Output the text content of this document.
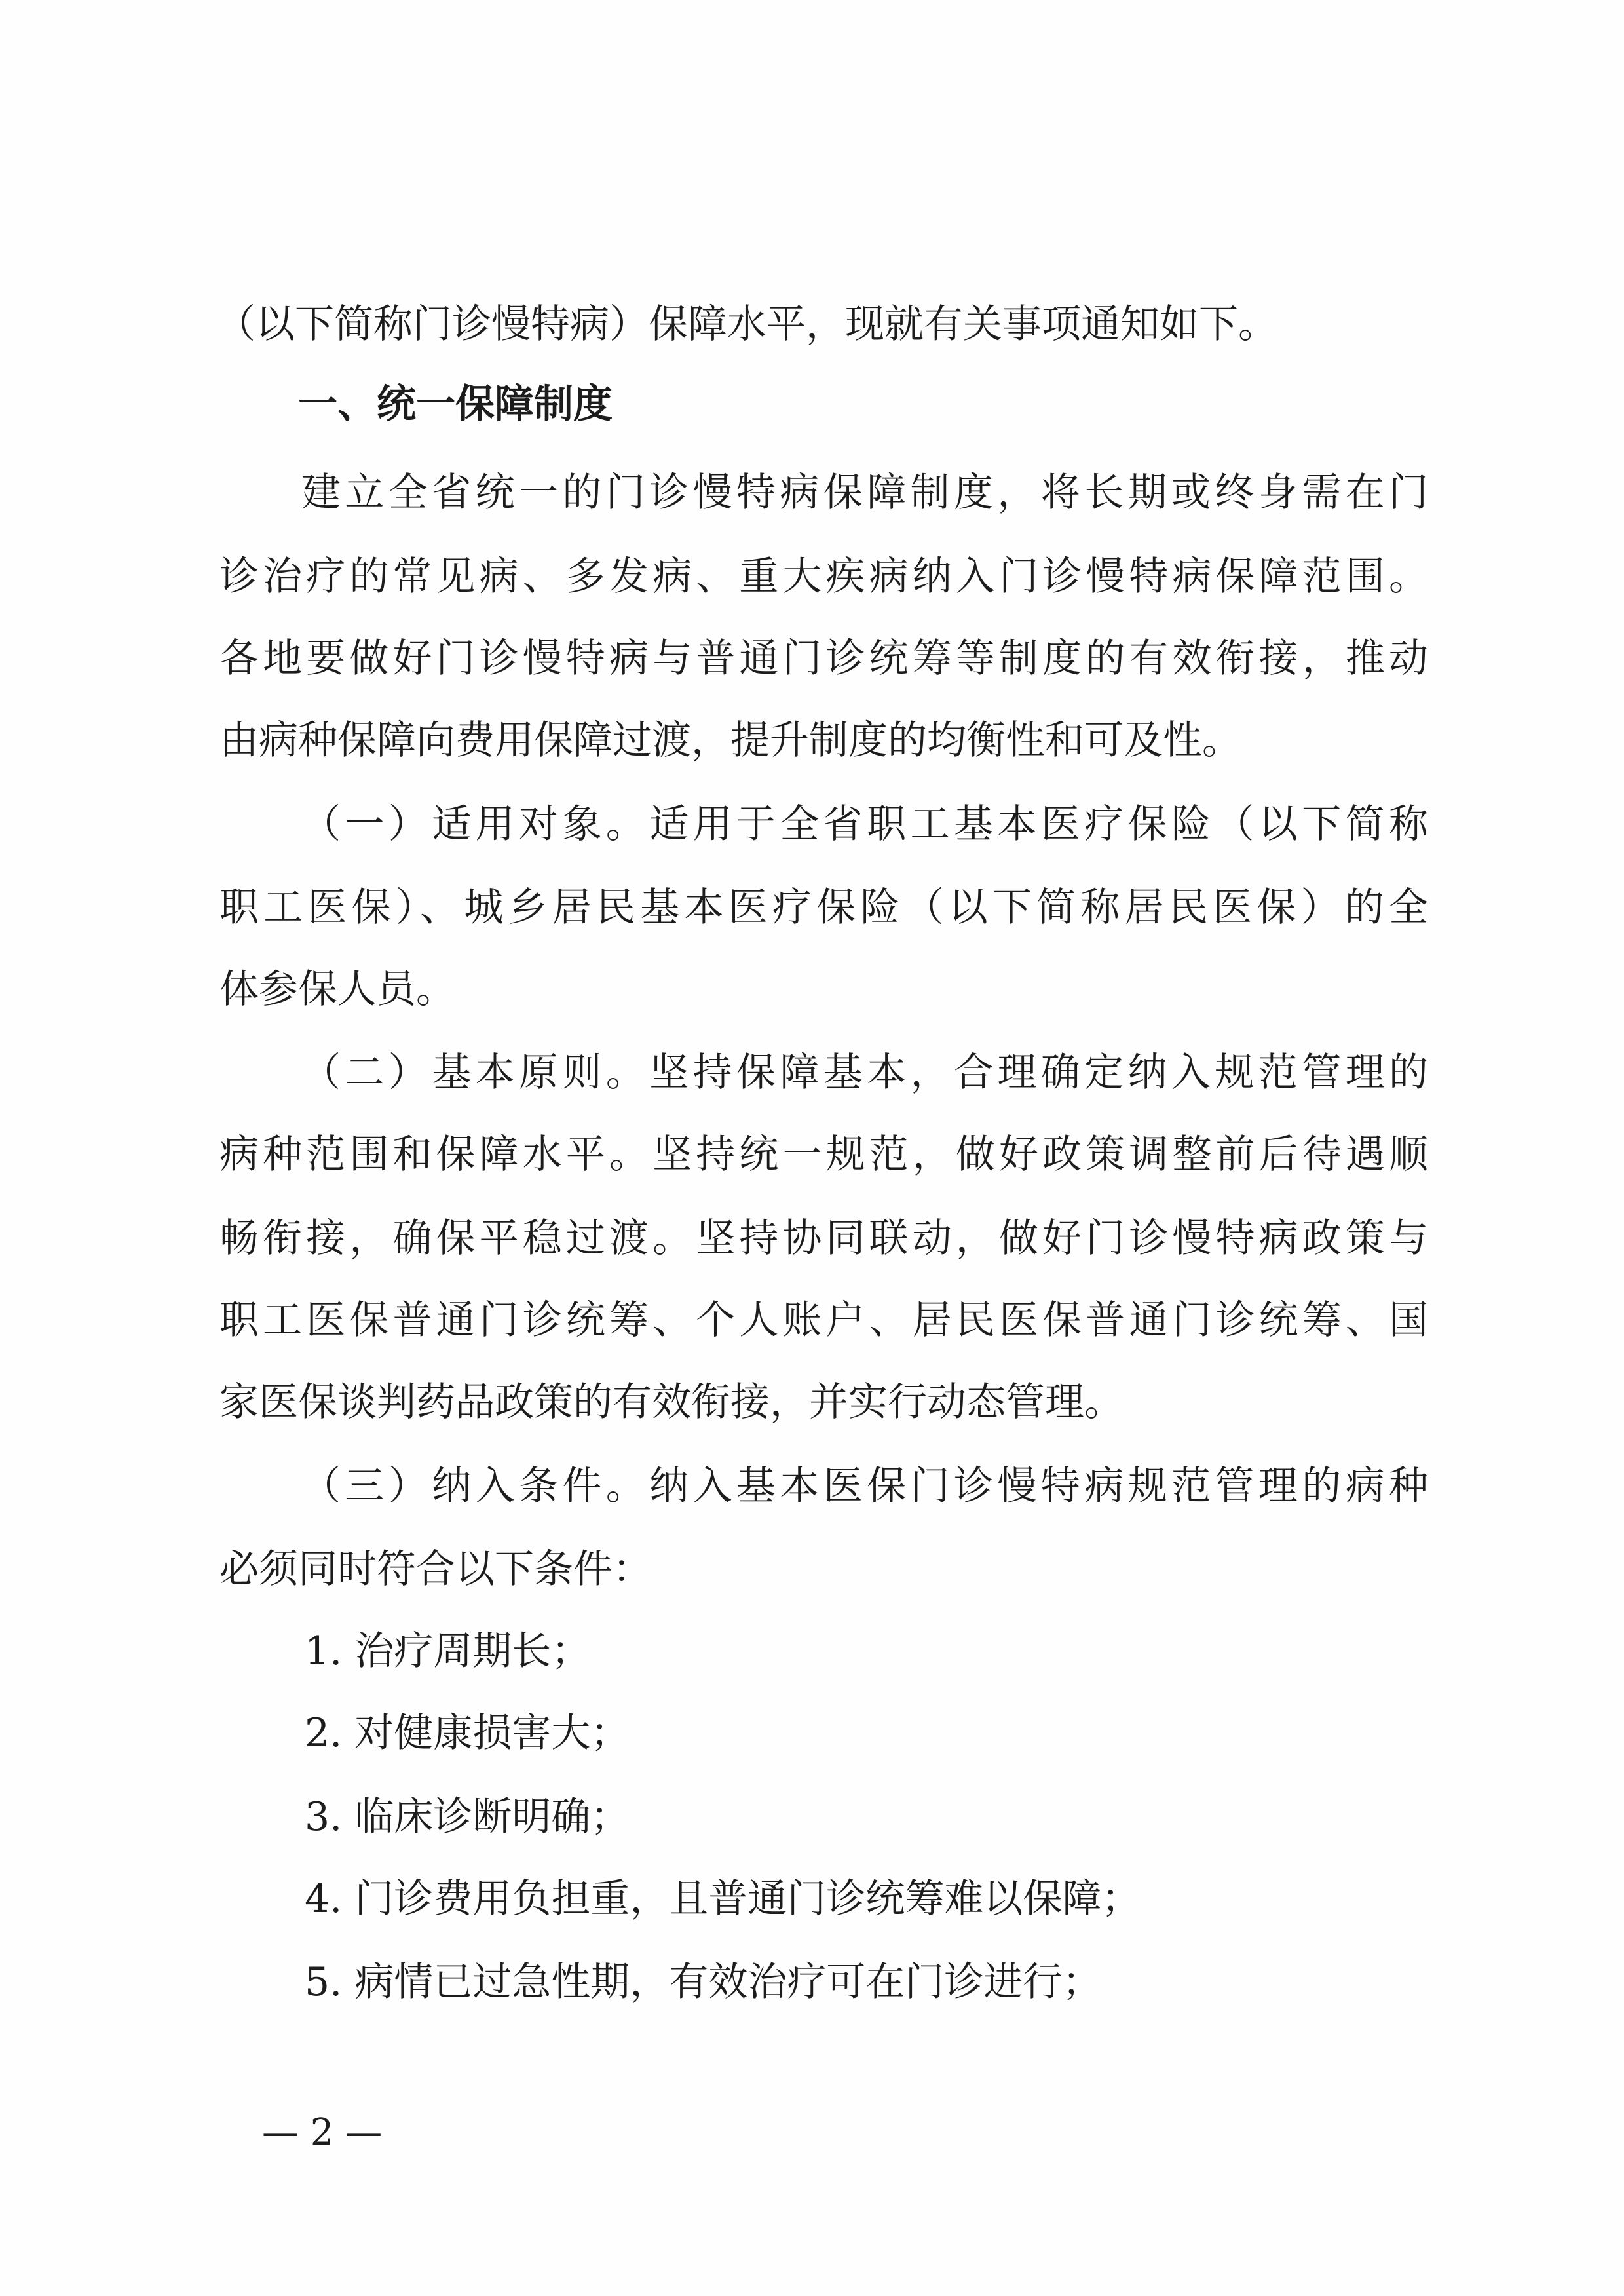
（以下简称门诊慢特病）保障水平，现就有关事项通知如下。
一、统一保障制度
建立全省统一的门诊慢特病保障制度，将长期或终身需在门
诊治疗的常见病、多发病、重大疾病纳入门诊慢特病保障范围。
各地要做好门诊慢特病与普通门诊统筹等制度的有效衔接，推动
由病种保障向费用保障过渡，提升制度的均衡性和可及性。
（一）适用对象。适用于全省职工基本医疗保险（以下简称
职工医保）、城乡居民基本医疗保险（以下简称居民医保）的全
体参保人员。
（二）基本原则。坚持保障基本，合理确定纳入规范管理的
病种范围和保障水平。坚持统一规范，做好政策调整前后待遇顺
畅衔接，确保平稳过渡。坚持协同联动，做好门诊慢特病政策与
职工医保普通门诊统筹、个人账户、居民医保普通门诊统筹、国
家医保谈判药品政策的有效衔接，并实行动态管理。
（三）纳入条件。纳入基本医保门诊慢特病规范管理的病种
必须同时符合以下条件：
1. 治疗周期长；
2. 对健康损害大；
3. 临床诊断明确；
4. 门诊费用负担重，且普通门诊统筹难以保障；
5. 病情已过急性期，有效治疗可在门诊进行；
— 2 —
